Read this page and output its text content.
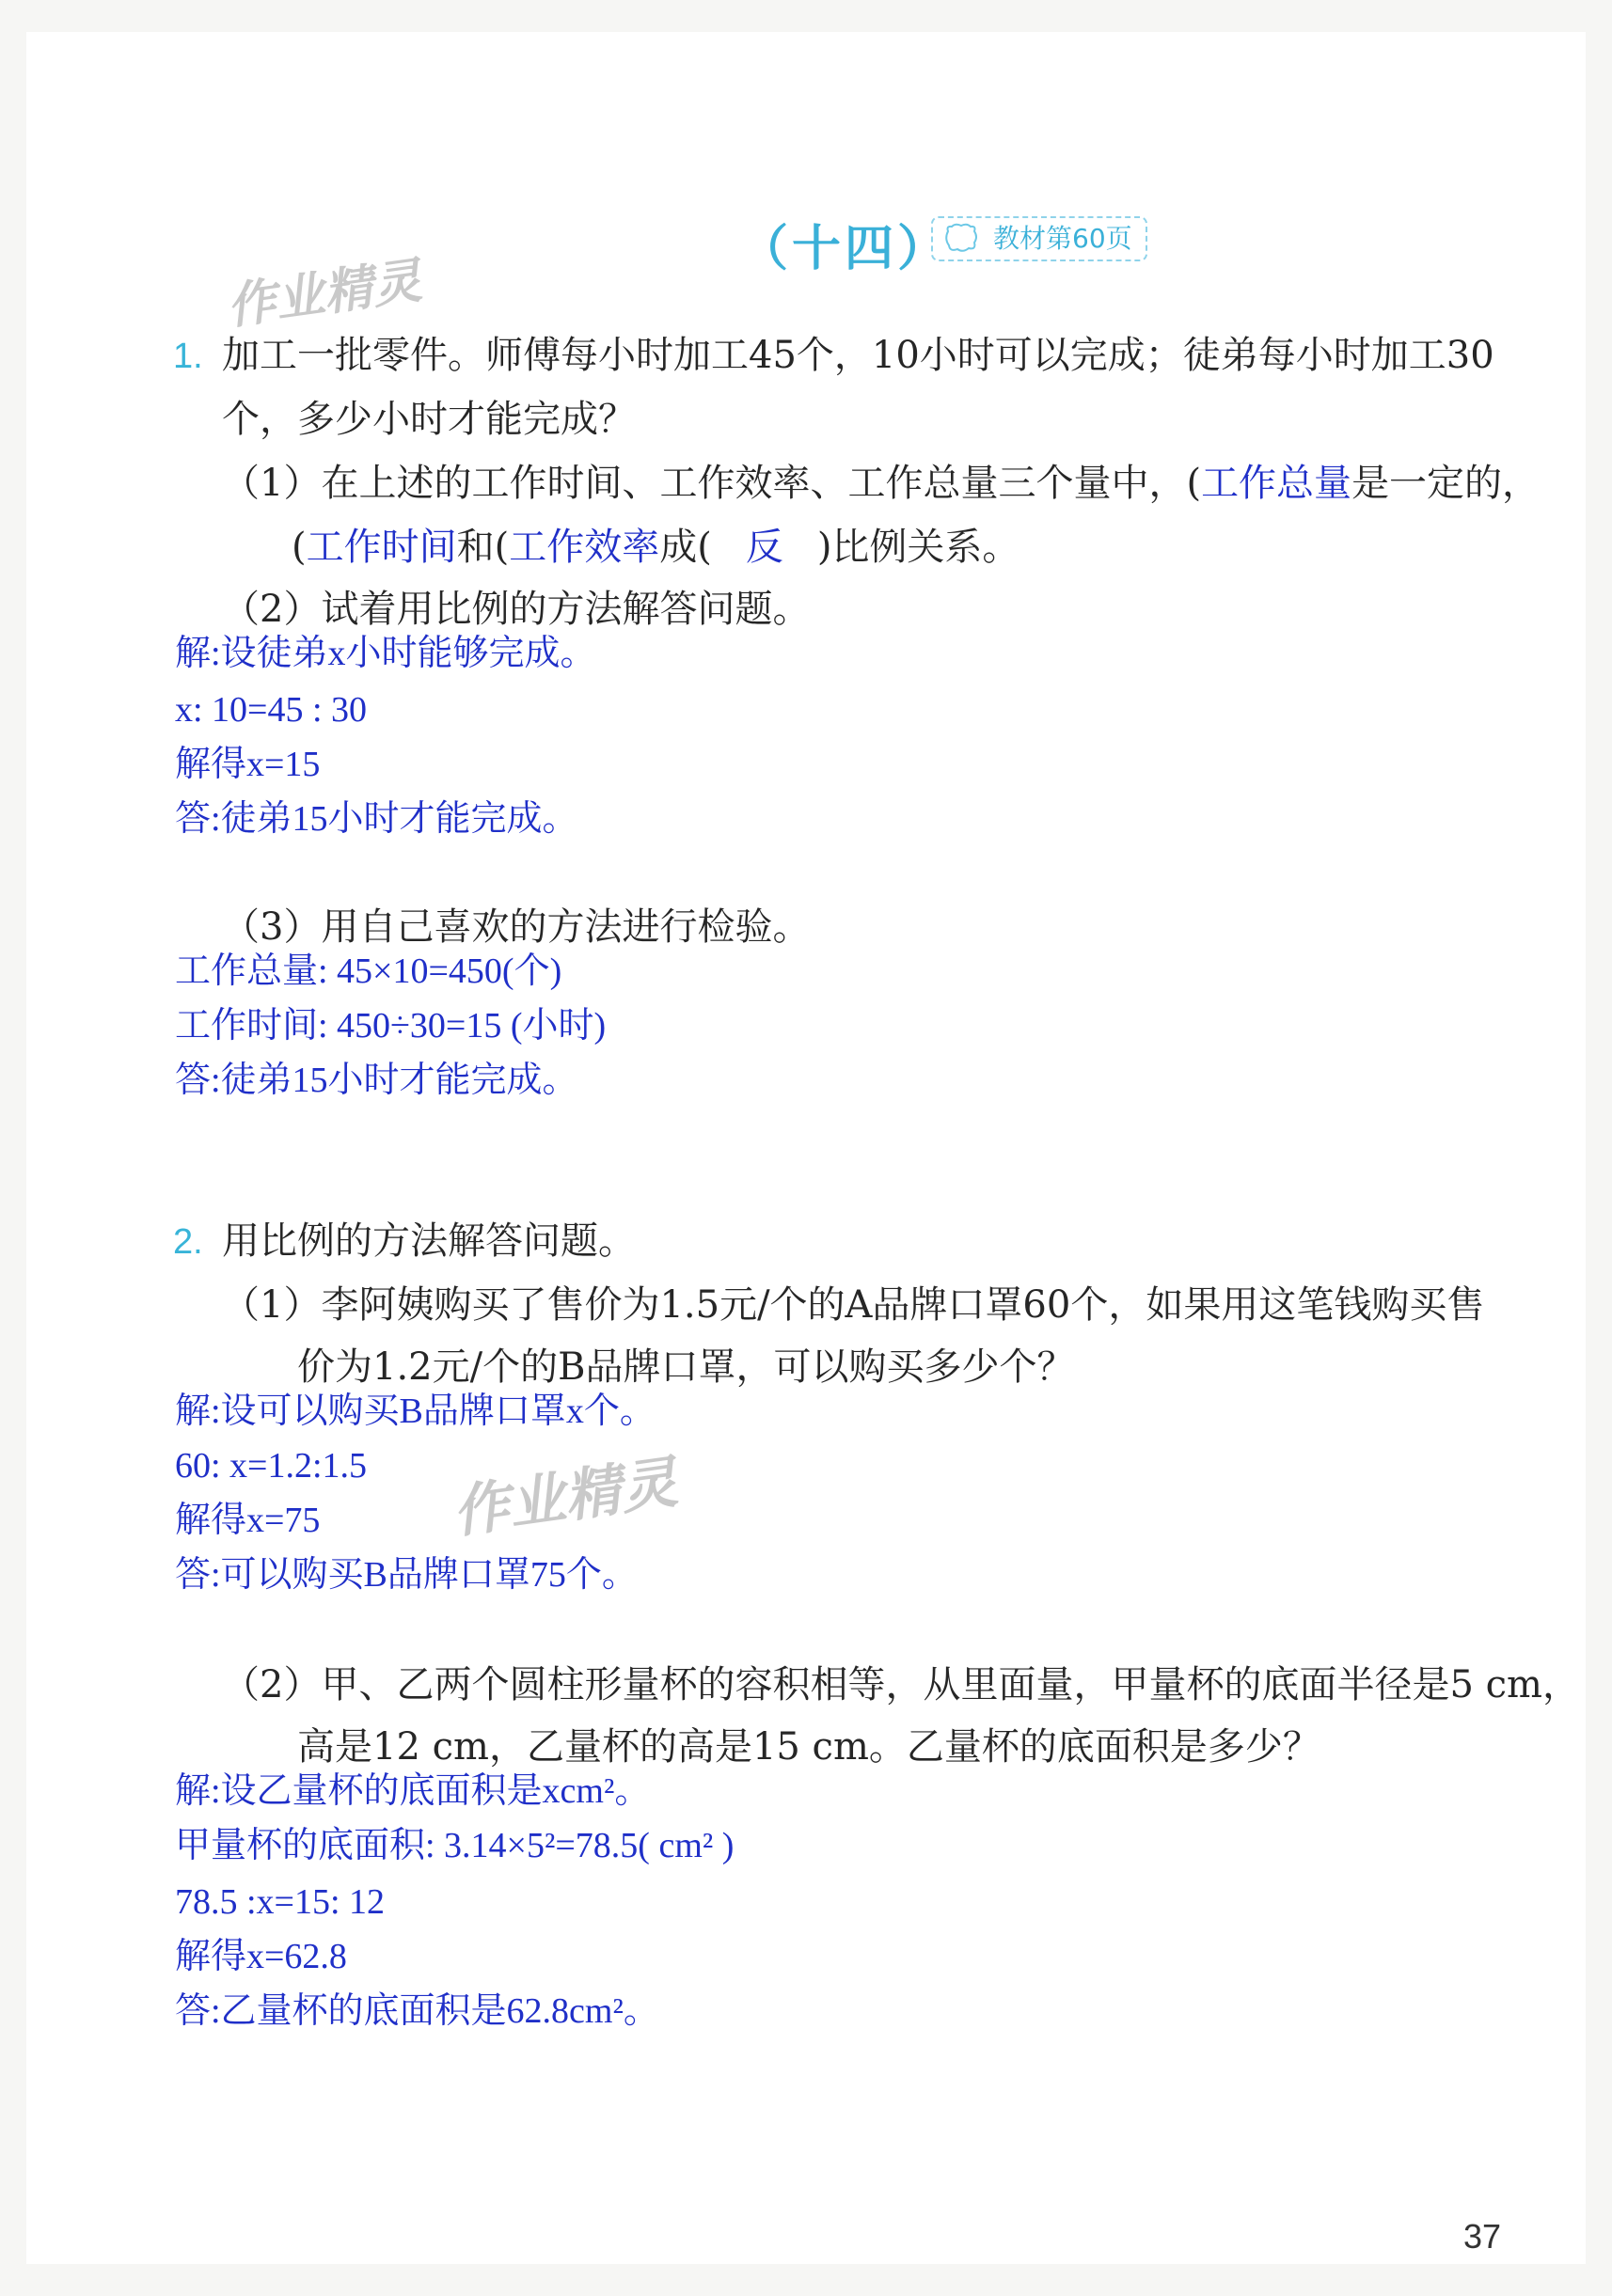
（十四）	教材第60页
作业精灵
作业精灵
1. 加工一批零件。师傅每小时加工45个，10小时可以完成；徒弟每小时加工30
个，多少小时才能完成？
（1）在上述的工作时间、工作效率、工作总量三个量中，(工作总量是一定的，
(工作时间和(工作效率成( 反 )比例关系。
（2）试着用比例的方法解答问题。
解:设徒弟x小时能够完成。
x: 10=45 : 30
解得x=15
答:徒弟15小时才能完成。
（3）用自己喜欢的方法进行检验。
工作总量: 45×10=450(个)
工作时间: 450÷30=15 (小时)
答:徒弟15小时才能完成。
2. 用比例的方法解答问题。
（1）李阿姨购买了售价为1.5元/个的A品牌口罩60个，如果用这笔钱购买售
价为1.2元/个的B品牌口罩，可以购买多少个？
解:设可以购买B品牌口罩x个。
60: x=1.2:1.5
解得x=75
答:可以购买B品牌口罩75个。
（2）甲、乙两个圆柱形量杯的容积相等，从里面量，甲量杯的底面半径是5 cm，
高是12 cm，乙量杯的高是15 cm。乙量杯的底面积是多少？
解:设乙量杯的底面积是xcm²。
甲量杯的底面积: 3.14×5²=78.5( cm² )
78.5 :x=15: 12
解得x=62.8
答:乙量杯的底面积是62.8cm²。
37
